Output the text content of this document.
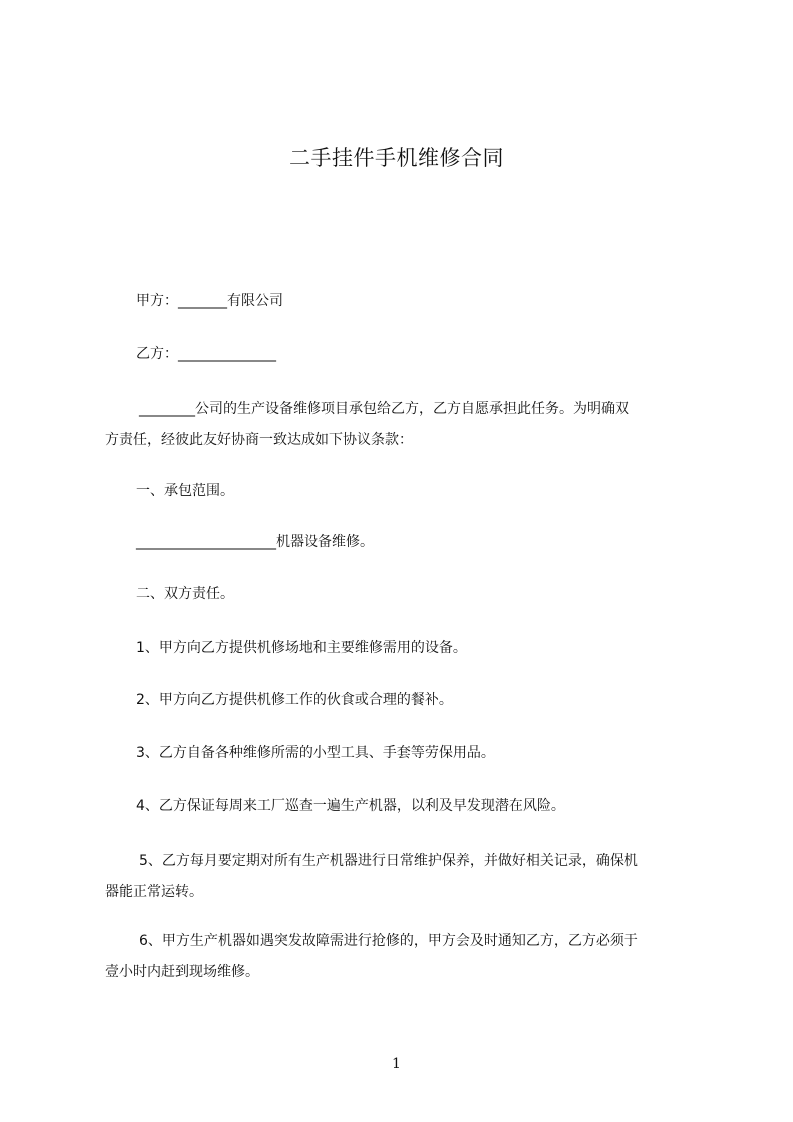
二手挂件手机维修合同
甲方：_______有限公司
乙方：______________
________公司的生产设备维修项目承包给乙方，乙方自愿承担此任务。为明确双
方责任，经彼此友好协商一致达成如下协议条款：
一、承包范围。
____________________机器设备维修。
二、双方责任。
1、甲方向乙方提供机修场地和主要维修需用的设备。
2、甲方向乙方提供机修工作的伙食或合理的餐补。
3、乙方自备各种维修所需的小型工具、手套等劳保用品。
4、乙方保证每周来工厂巡查一遍生产机器，以利及早发现潜在风险。
5、乙方每月要定期对所有生产机器进行日常维护保养，并做好相关记录，确保机
器能正常运转。
6、甲方生产机器如遇突发故障需进行抢修的，甲方会及时通知乙方，乙方必须于
壹小时内赶到现场维修。
1
